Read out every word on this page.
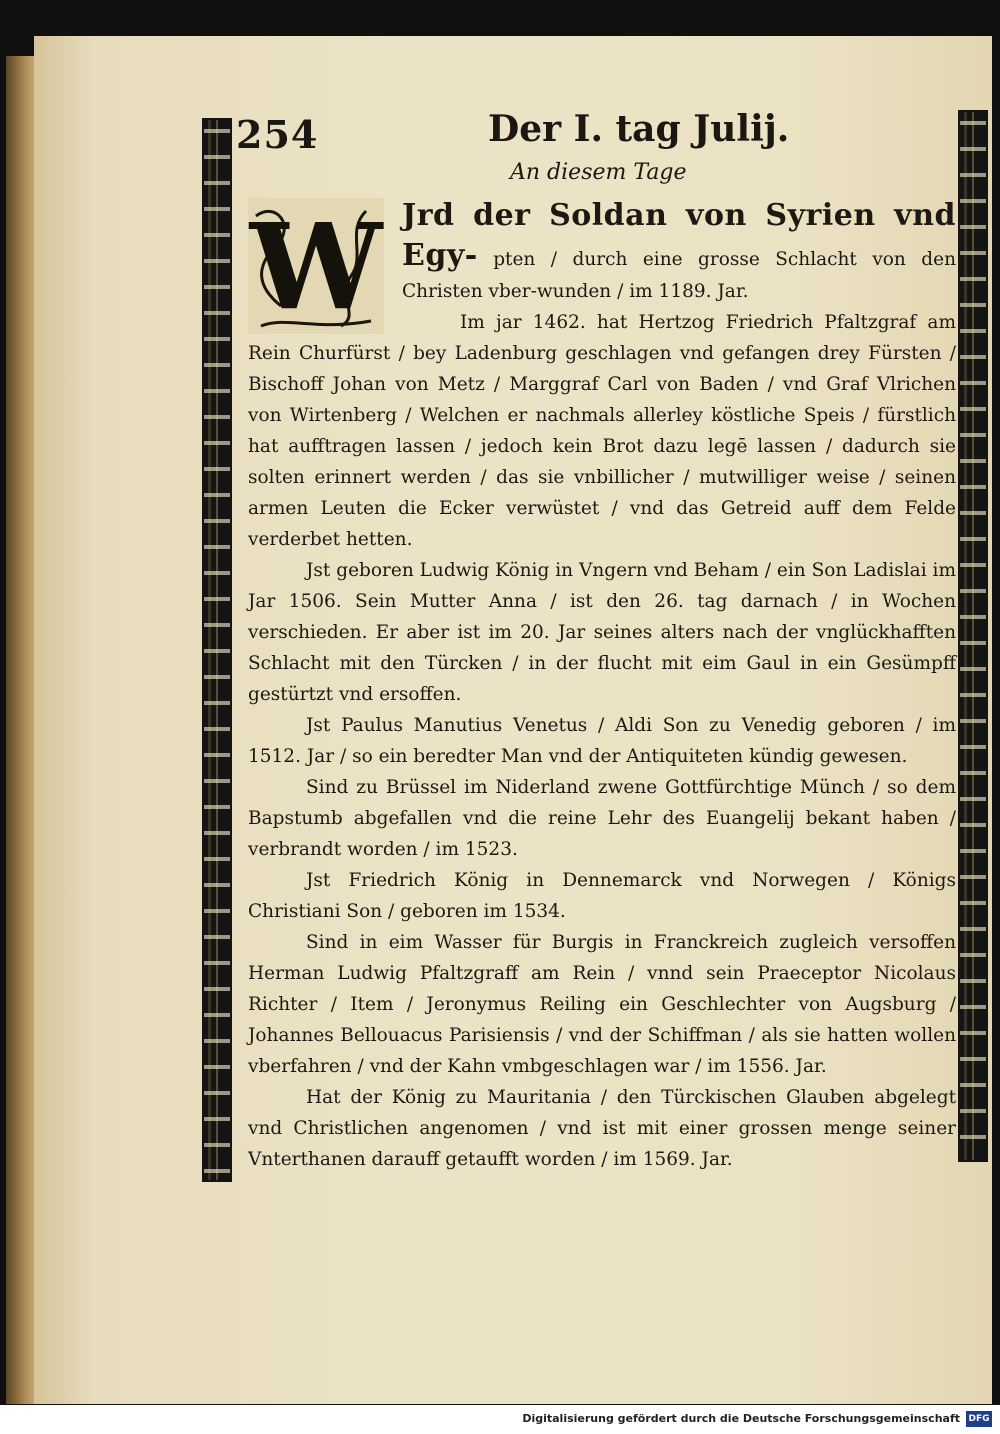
254	Der I. tag Julij.
An diesem Tage
W Jrd der Soldan von Syrien vnd Egy- pten / durch eine grosse Schlacht von den Christen vber-wunden / im 1189. Jar.

Im jar 1462. hat Hertzog Friedrich Pfaltzgraf am Rein Churfürst / bey Ladenburg geschlagen vnd gefangen drey Fürsten / Bischoff Johan von Metz / Marggraf Carl von Baden / vnd Graf Vlrichen von Wirtenberg / Welchen er nachmals allerley köstliche Speis / fürstlich hat aufftragen lassen / jedoch kein Brot dazu legē lassen / dadurch sie solten erinnert werden / das sie vnbillicher / mutwilliger weise / seinen armen Leuten die Ecker verwüstet / vnd das Getreid auff dem Felde verderbet hetten.

Jst geboren Ludwig König in Vngern vnd Beham / ein Son Ladislai im Jar 1506. Sein Mutter Anna / ist den 26. tag darnach / in Wochen verschieden. Er aber ist im 20. Jar seines alters nach der vnglückhafften Schlacht mit den Türcken / in der flucht mit eim Gaul in ein Gesümpff gestürtzt vnd ersoffen.

Jst Paulus Manutius Venetus / Aldi Son zu Venedig geboren / im 1512. Jar / so ein beredter Man vnd der Antiquiteten kündig gewesen.

Sind zu Brüssel im Niderland zwene Gottfürchtige Münch / so dem Bapstumb abgefallen vnd die reine Lehr des Euangelij bekant haben / verbrandt worden / im 1523.

Jst Friedrich König in Dennemarck vnd Norwegen / Königs Christiani Son / geboren im 1534.

Sind in eim Wasser für Burgis in Franckreich zugleich versoffen Herman Ludwig Pfaltzgraff am Rein / vnnd sein Praeceptor Nicolaus Richter / Item / Jeronymus Reiling ein Geschlechter von Augsburg / Johannes Bellouacus Parisiensis / vnd der Schiffman / als sie hatten wollen vberfahren / vnd der Kahn vmbgeschlagen war / im 1556. Jar.

Hat der König zu Mauritania / den Türckischen Glauben abgelegt vnd Christlichen angenomen / vnd ist mit einer grossen menge seiner Vnterthanen darauff getaufft worden / im 1569. Jar.

Digitalisierung gefördert durch die Deutsche Forschungsgemeinschaft DFG
